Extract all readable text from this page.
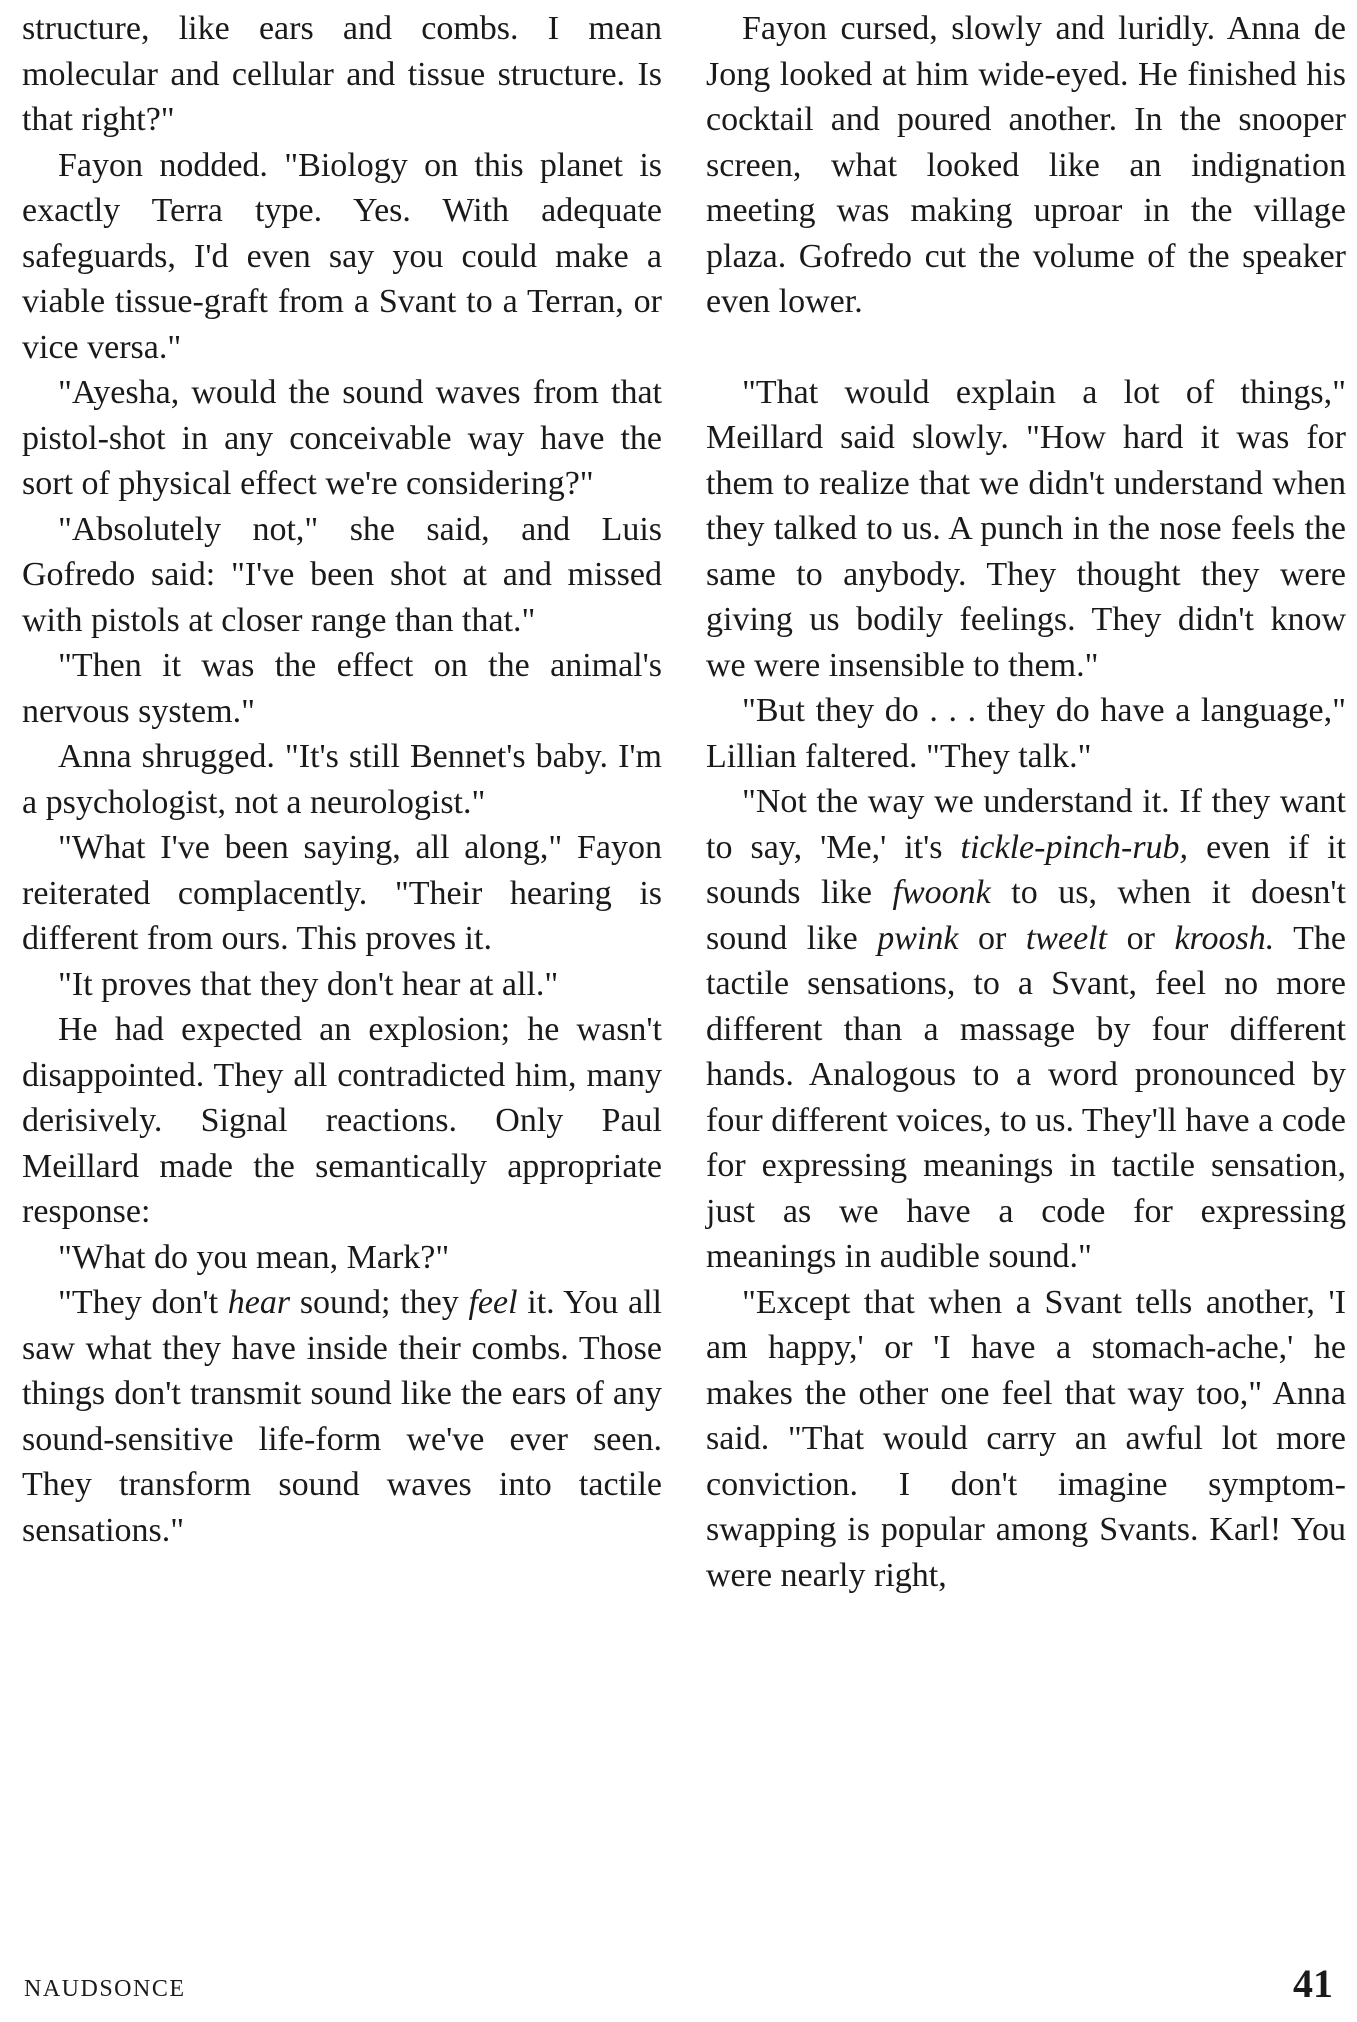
structure, like ears and combs. I mean molecular and cellular and tissue structure. Is that right?"

Fayon nodded. "Biology on this planet is exactly Terra type. Yes. With adequate safeguards, I'd even say you could make a viable tissue-graft from a Svant to a Terran, or vice versa."

"Ayesha, would the sound waves from that pistol-shot in any conceivable way have the sort of physical effect we're considering?"

"Absolutely not," she said, and Luis Gofredo said: "I've been shot at and missed with pistols at closer range than that."

"Then it was the effect on the animal's nervous system."

Anna shrugged. "It's still Bennet's baby. I'm a psychologist, not a neurologist."

"What I've been saying, all along," Fayon reiterated complacently. "Their hearing is different from ours. This proves it.

"It proves that they don't hear at all."

He had expected an explosion; he wasn't disappointed. They all contradicted him, many derisively. Signal reactions. Only Paul Meillard made the semantically appropriate response:

"What do you mean, Mark?"

"They don't hear sound; they feel it. You all saw what they have inside their combs. Those things don't transmit sound like the ears of any sound-sensitive life-form we've ever seen. They transform sound waves into tactile sensations."

Fayon cursed, slowly and luridly. Anna de Jong looked at him wide-eyed. He finished his cocktail and poured another. In the snooper screen, what looked like an indignation meeting was making uproar in the village plaza. Gofredo cut the volume of the speaker even lower.

"That would explain a lot of things," Meillard said slowly. "How hard it was for them to realize that we didn't understand when they talked to us. A punch in the nose feels the same to anybody. They thought they were giving us bodily feelings. They didn't know we were insensible to them."

"But they do . . . they do have a language," Lillian faltered. "They talk."

"Not the way we understand it. If they want to say, 'Me,' it's tickle-pinch-rub, even if it sounds like fwoonk to us, when it doesn't sound like pwink or tweelt or kroosh. The tactile sensations, to a Svant, feel no more different than a massage by four different hands. Analogous to a word pronounced by four different voices, to us. They'll have a code for expressing meanings in tactile sensation, just as we have a code for expressing meanings in audible sound."

"Except that when a Svant tells another, 'I am happy,' or 'I have a stomach-ache,' he makes the other one feel that way too," Anna said. "That would carry an awful lot more conviction. I don't imagine symptom-swapping is popular among Svants. Karl! You were nearly right,

NAUDSONCE	41
